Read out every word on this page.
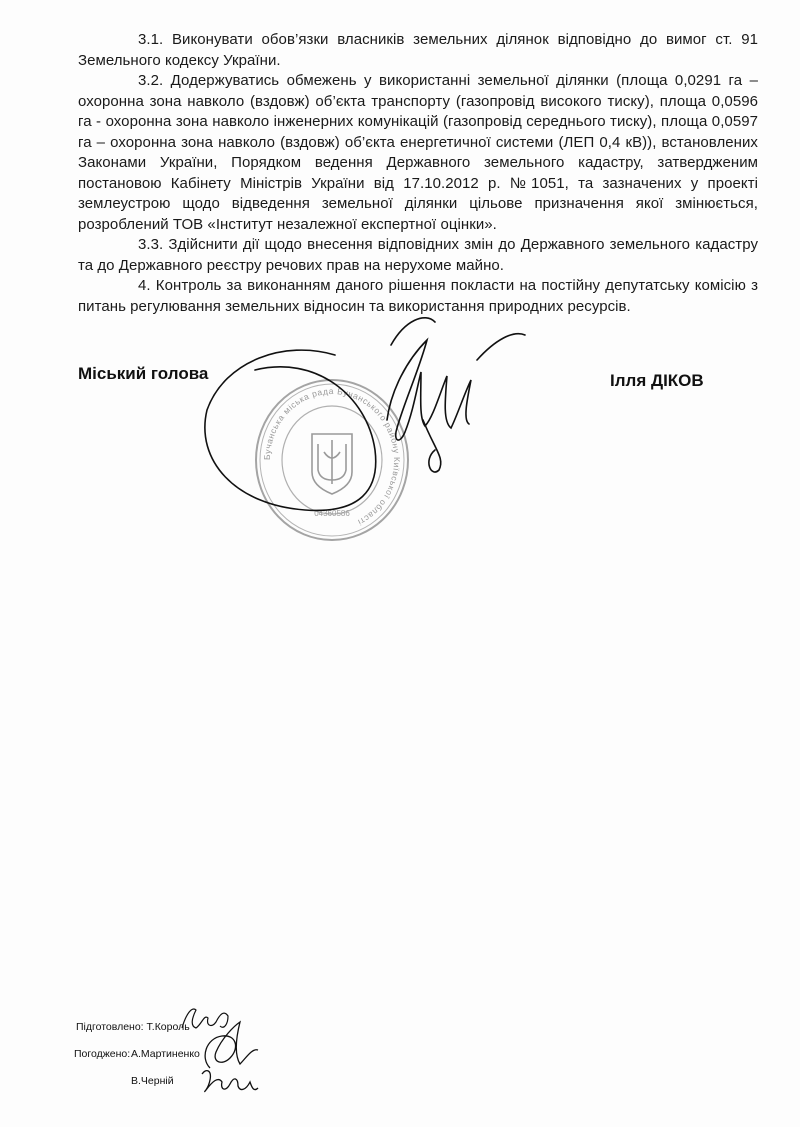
3.1. Виконувати обов’язки власників земельних ділянок відповідно до вимог ст. 91 Земельного кодексу України.

3.2. Додержуватись обмежень у використанні земельної ділянки (площа 0,0291 га – охоронна зона навколо (вздовж) об’єкта транспорту (газопровід високого тиску), площа 0,0596 га - охоронна зона навколо інженерних комунікацій (газопровід середнього тиску), площа 0,0597 га – охоронна зона навколо (вздовж) об’єкта енергетичної системи (ЛЕП 0,4 кВ)), встановлених Законами України, Порядком ведення Державного земельного кадастру, затвердженим постановою Кабінету Міністрів України від 17.10.2012 р. №1051, та зазначених у проекті землеустрою щодо відведення земельної ділянки цільове призначення якої змінюється, розроблений ТОВ «Інститут незалежної експертної оцінки».

3.3. Здійснити дії щодо внесення відповідних змін до Державного земельного кадастру та до Державного реєстру речових прав на нерухоме майно.

4. Контроль за виконанням даного рішення покласти на постійну депутатську комісію з питань регулювання земельних відносин та використання природних ресурсів.

Бучанська міська рада Бучанського району Київської області
04360586
Міський голова	Ілля ДІКОВ
Підготовлено: Т.Король
Погоджено: А.Мартиненко
В.Черній
